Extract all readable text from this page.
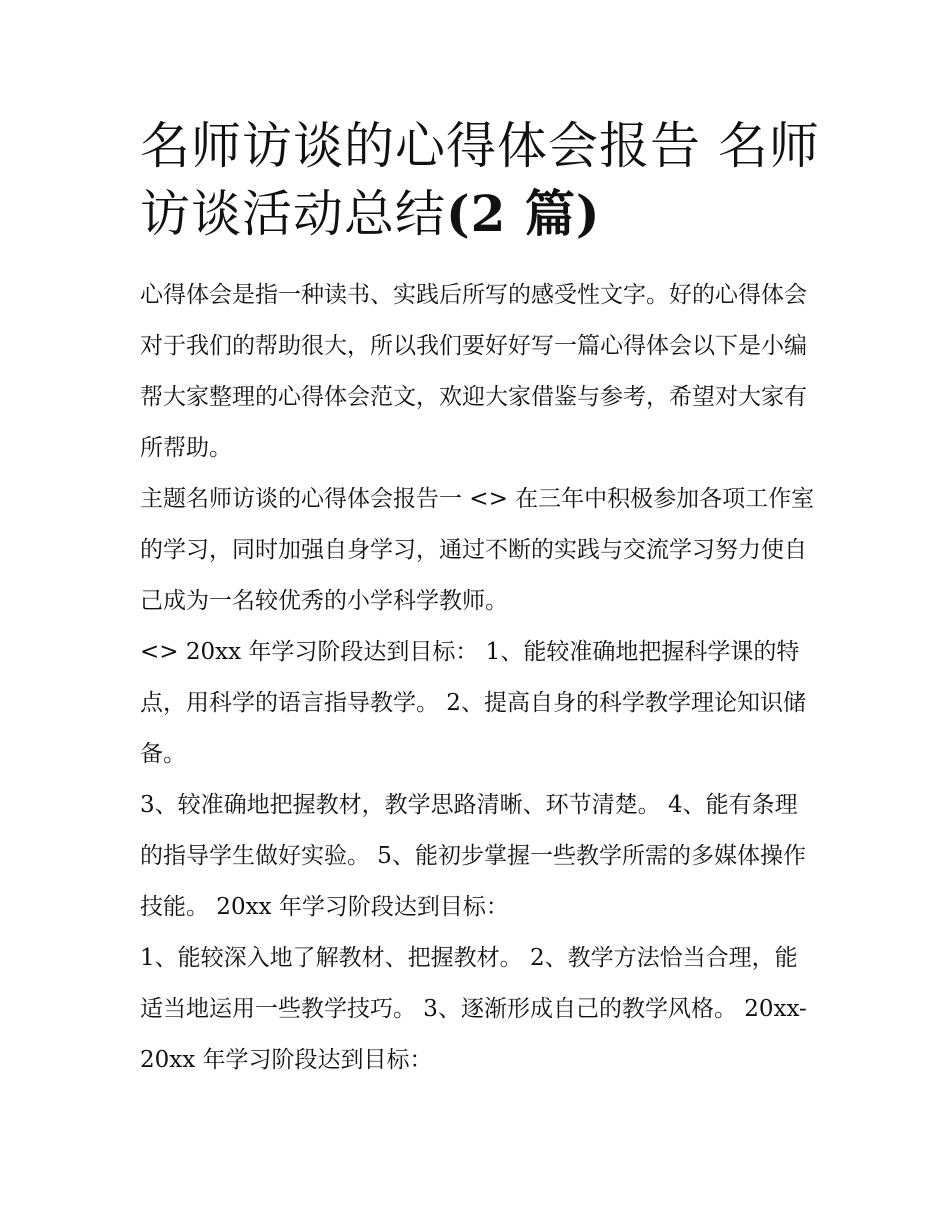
名师访谈的心得体会报告 名师访谈活动总结(2 篇)

心得体会是指一种读书、实践后所写的感受性文字。好的心得体会对于我们的帮助很大，所以我们要好好写一篇心得体会以下是小编帮大家整理的心得体会范文，欢迎大家借鉴与参考，希望对大家有所帮助。

主题名师访谈的心得体会报告一 <> 在三年中积极参加各项工作室的学习，同时加强自身学习，通过不断的实践与交流学习努力使自己成为一名较优秀的小学科学教师。

<> 20xx 年学习阶段达到目标： 1、能较准确地把握科学课的特点，用科学的语言指导教学。 2、提高自身的科学教学理论知识储备。

3、较准确地把握教材，教学思路清晰、环节清楚。 4、能有条理的指导学生做好实验。 5、能初步掌握一些教学所需的多媒体操作技能。 20xx 年学习阶段达到目标：

1、能较深入地了解教材、把握教材。 2、教学方法恰当合理，能适当地运用一些教学技巧。 3、逐渐形成自己的教学风格。 20xx-20xx 年学习阶段达到目标：
